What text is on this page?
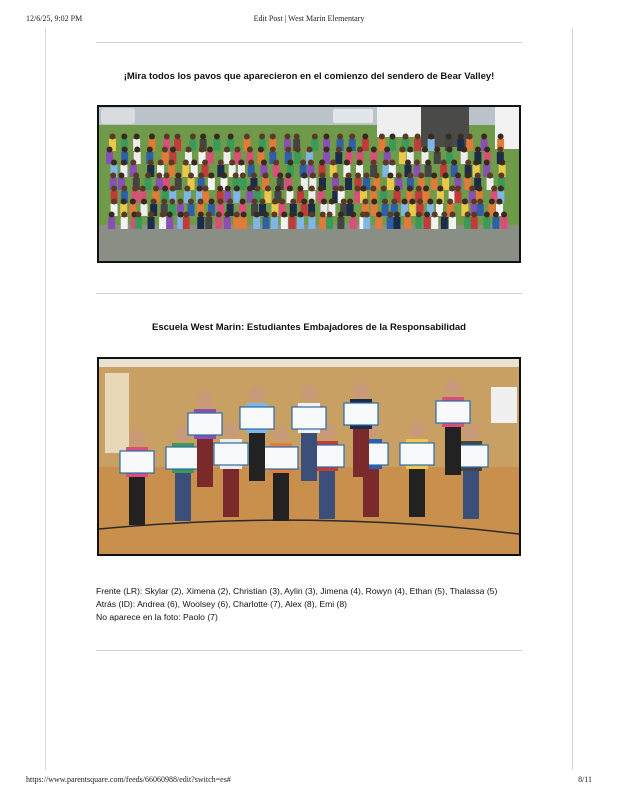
12/6/25, 9:02 PM	Edit Post | West Marin Elementary
¡Mira todos los pavos que aparecieron en el comienzo del sendero de Bear Valley!
Escuela West Marin: Estudiantes Embajadores de la Responsabilidad
Frente (LR): Skylar (2), Ximena (2), Christian (3), Aylin (3), Jimena (4), Rowyn (4), Ethan (5), Thalassa (5)
Atrás (ID): Andrea (6), Woolsey (6), Charlotte (7), Alex (8), Emi (8)
No aparece en la foto: Paolo (7)
https://www.parentsquare.com/feeds/66060988/edit?switch=es#	8/11
